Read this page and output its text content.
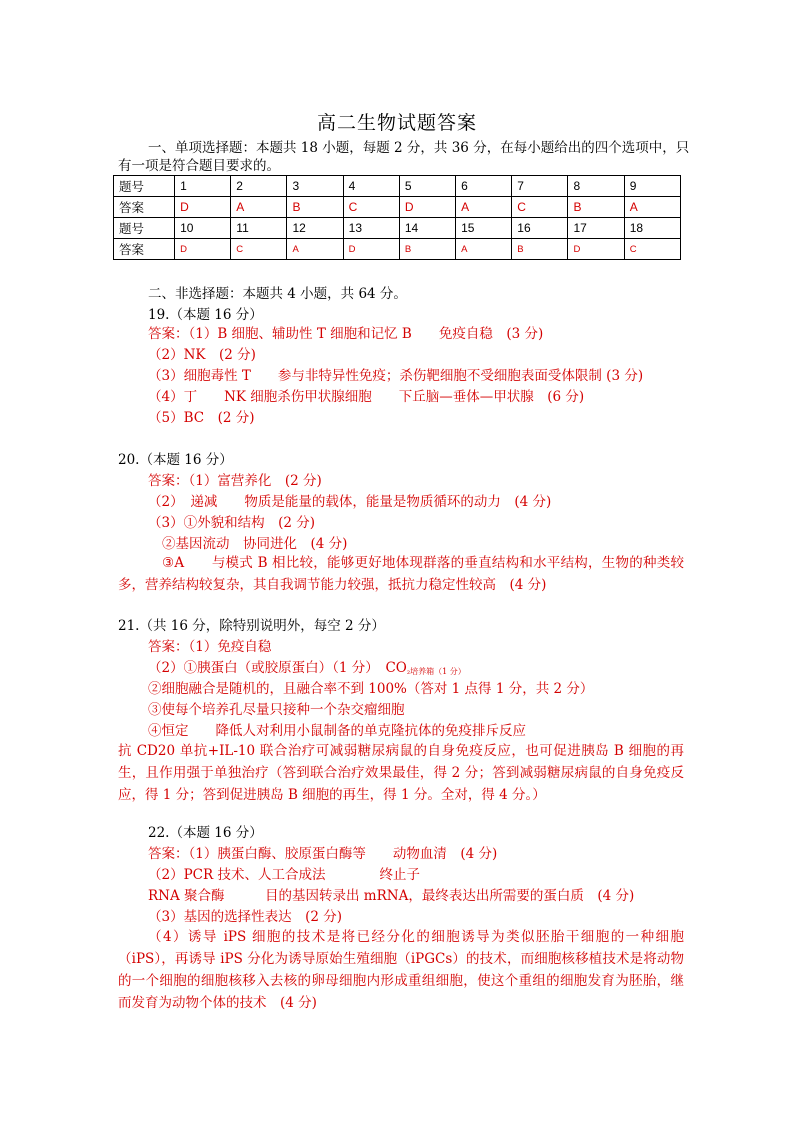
高二生物试题答案
一、单项选择题：本题共 18 小题，每题 2 分，共 36 分，在每小题给出的四个选项中，只有一项是符合题目要求的。
题号	1	2	3	4	5	6	7	8	9
答案	D	A	B	C	D	A	C	B	A
题号	10	11	12	13	14	15	16	17	18
答案	D	C	A	D	B	A	B	D	C
二、非选择题：本题共 4 小题，共 64 分。
19.（本题 16 分）
答案：（1）B 细胞、辅助性 T 细胞和记忆 B　　免疫自稳　(3 分)
（2）NK　(2 分)
（3）细胞毒性 T　　参与非特异性免疫；杀伤靶细胞不受细胞表面受体限制 (3 分)
（4）丁　　NK 细胞杀伤甲状腺细胞　　下丘脑—垂体—甲状腺　(6 分)
（5）BC　(2 分)
20.（本题 16 分）
答案：（1）富营养化　(2 分)
（2）　递减　　物质是能量的载体，能量是物质循环的动力　(4 分)
（3）①外貌和结构　(2 分)
②基因流动　协同进化　(4 分)
③A　　与模式 B 相比较，能够更好地体现群落的垂直结构和水平结构，生物的种类较多，营养结构较复杂，其自我调节能力较强，抵抗力稳定性较高　(4 分)
21.（共 16 分，除特别说明外，每空 2 分）
答案：（1）免疫自稳
（2）①胰蛋白（或胶原蛋白）（1 分）　$CO_{_2培养箱(1 分)}$
②细胞融合是随机的，且融合率不到 100%（答对 1 点得 1 分，共 2 分）
③使每个培养孔尽量只接种一个杂交瘤细胞
④恒定　　降低人对利用小鼠制备的单克隆抗体的免疫排斥反应
抗 CD20 单抗+IL-10 联合治疗可减弱糖尿病鼠的自身免疫反应，也可促进胰岛 B 细胞的再生，且作用强于单独治疗（答到联合治疗效果最佳，得 2 分；答到减弱糖尿病鼠的自身免疫反应，得 1 分；答到促进胰岛 B 细胞的再生，得 1 分。全对，得 4 分。）
22.（本题 16 分）
答案：（1）胰蛋白酶、胶原蛋白酶等　　动物血清　(4 分)
（2）PCR 技术、人工合成法　　　　终止子
RNA 聚合酶　　　目的基因转录出 mRNA，最终表达出所需要的蛋白质　(4 分)
（3）基因的选择性表达　(2 分)
（4）诱导 iPS 细胞的技术是将已经分化的细胞诱导为类似胚胎干细胞的一种细胞（iPS），再诱导 iPS 分化为诱导原始生殖细胞（iPGCs）的技术，而细胞核移植技术是将动物的一个细胞的细胞核移入去核的卵母细胞内形成重组细胞，使这个重组的细胞发育为胚胎，继而发育为动物个体的技术　(4 分)
